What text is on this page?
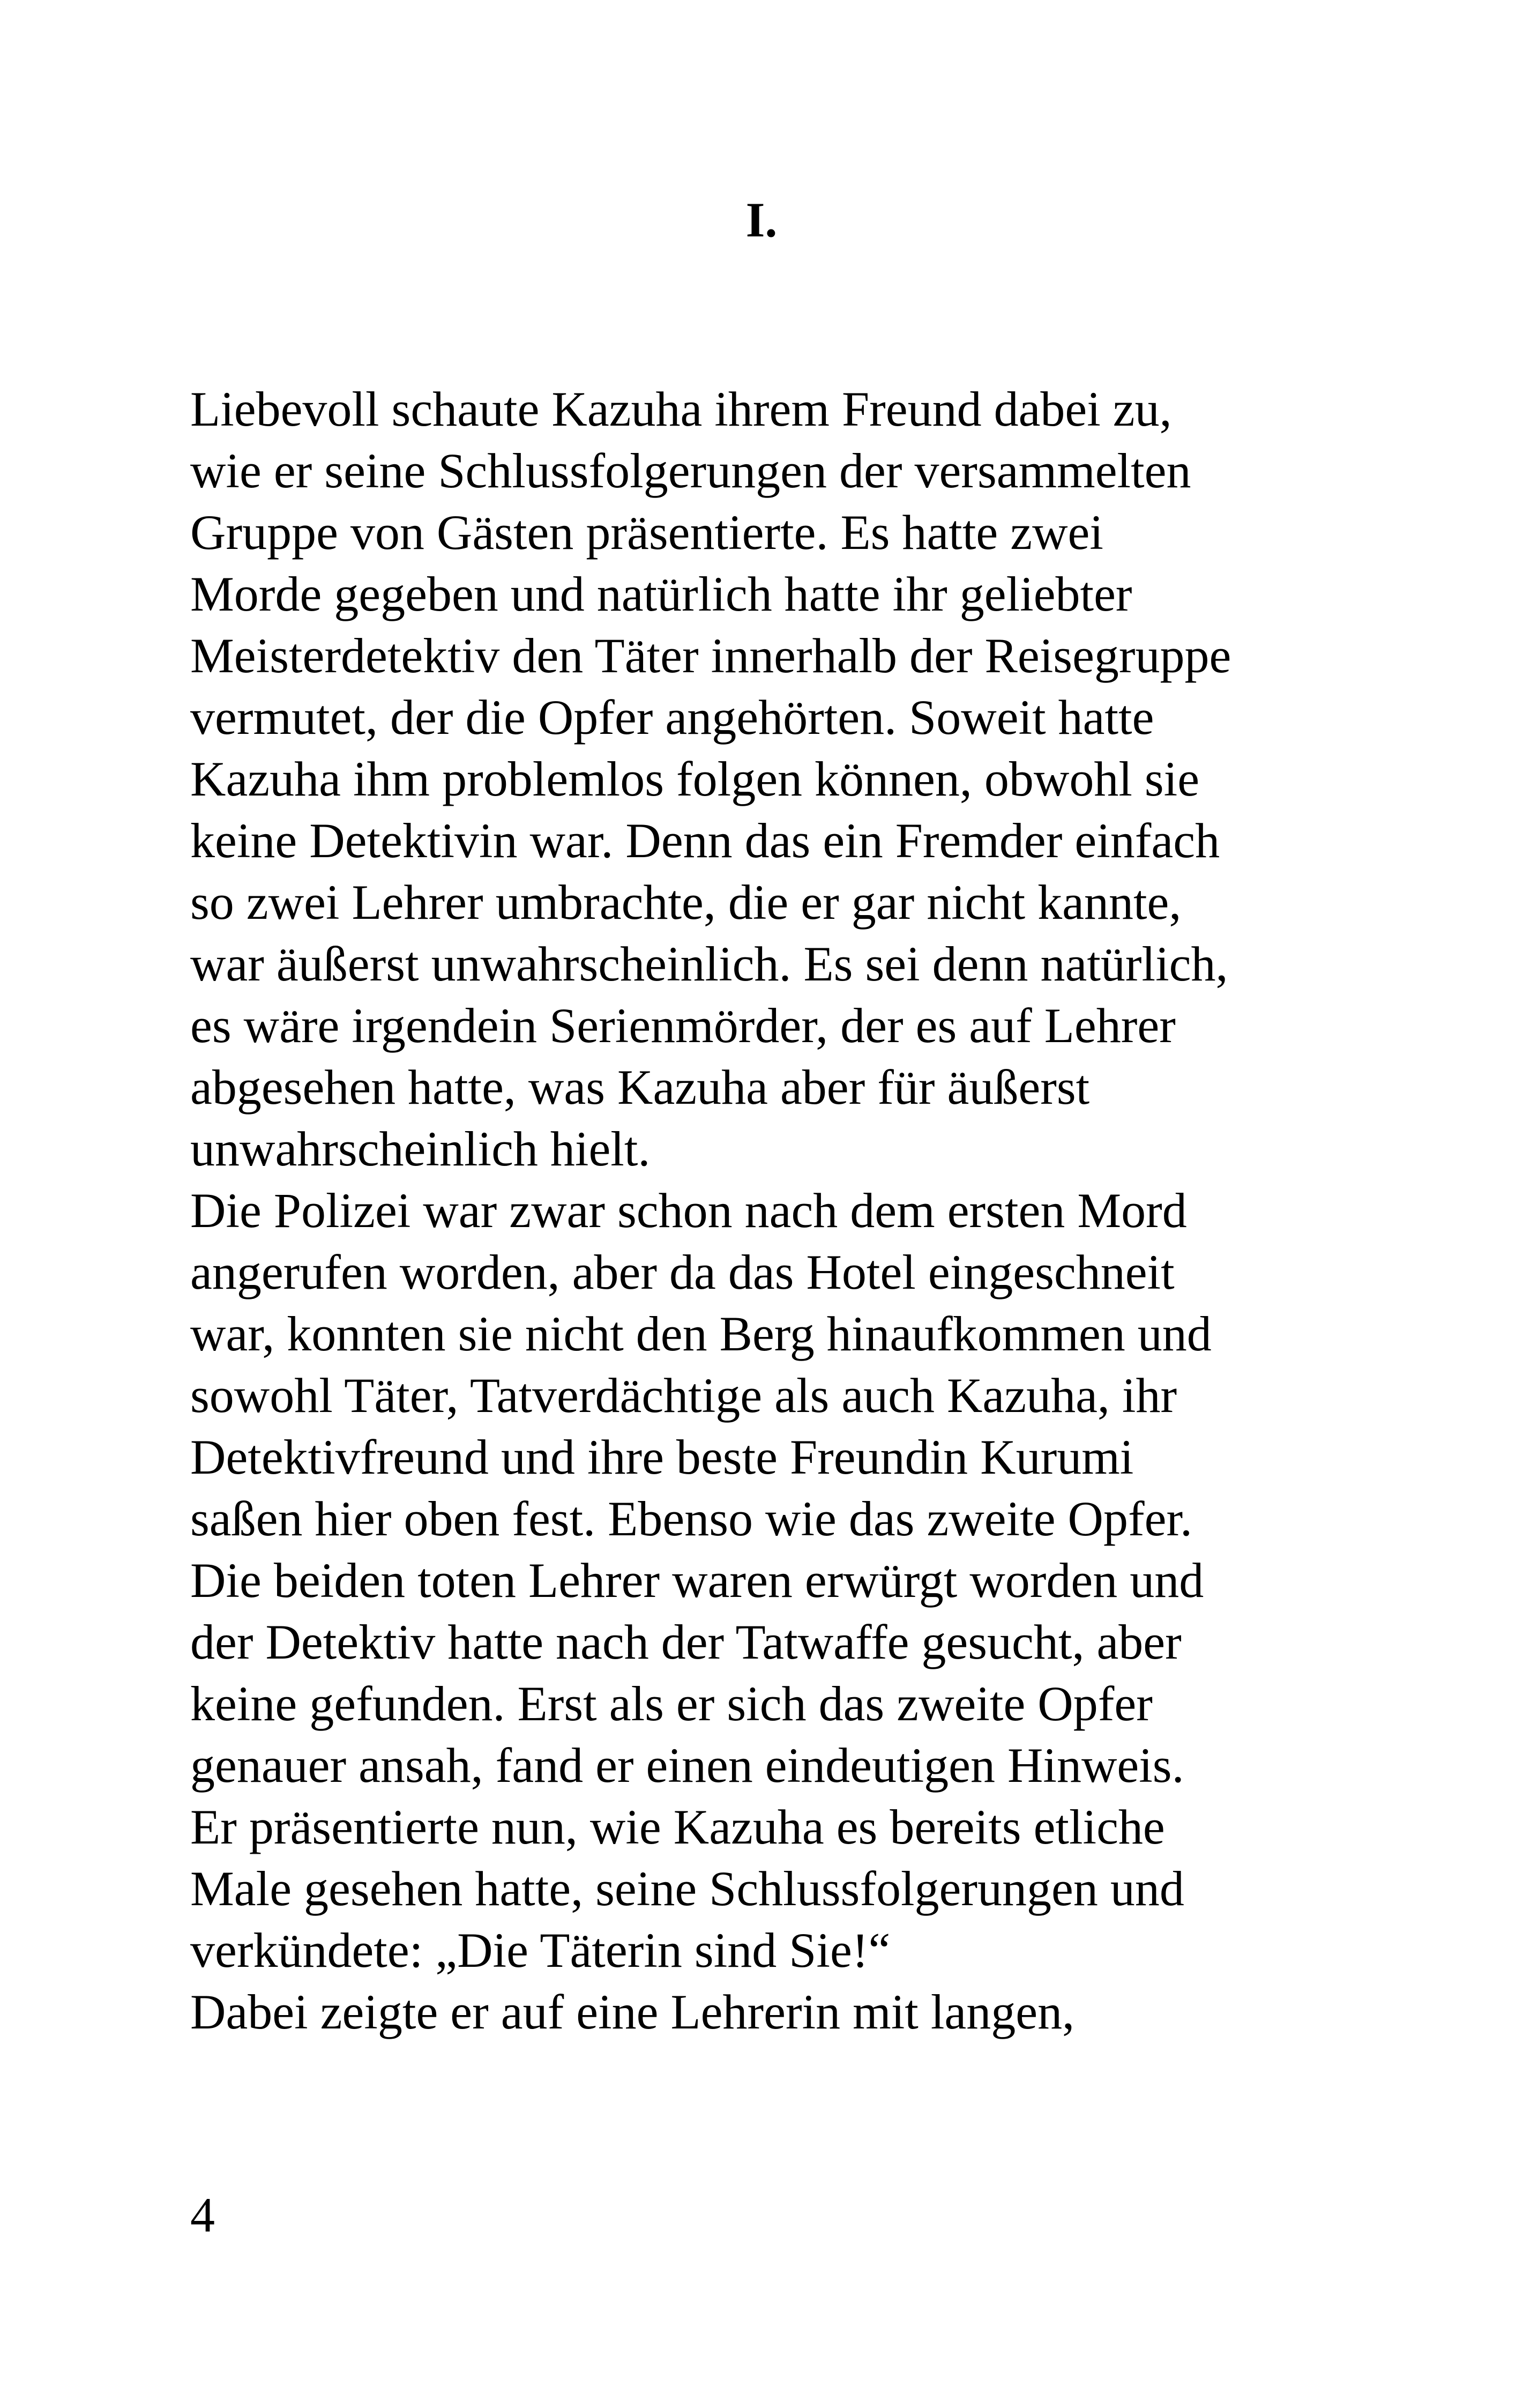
I.
Liebevoll schaute Kazuha ihrem Freund dabei zu,
wie er seine Schlussfolgerungen der versammelten
Gruppe von Gästen präsentierte. Es hatte zwei
Morde gegeben und natürlich hatte ihr geliebter
Meisterdetektiv den Täter innerhalb der Reisegruppe
vermutet, der die Opfer angehörten. Soweit hatte
Kazuha ihm problemlos folgen können, obwohl sie
keine Detektivin war. Denn das ein Fremder einfach
so zwei Lehrer umbrachte, die er gar nicht kannte,
war äußerst unwahrscheinlich. Es sei denn natürlich,
es wäre irgendein Serienmörder, der es auf Lehrer
abgesehen hatte, was Kazuha aber für äußerst
unwahrscheinlich hielt.
Die Polizei war zwar schon nach dem ersten Mord
angerufen worden, aber da das Hotel eingeschneit
war, konnten sie nicht den Berg hinaufkommen und
sowohl Täter, Tatverdächtige als auch Kazuha, ihr
Detektivfreund und ihre beste Freundin Kurumi
saßen hier oben fest. Ebenso wie das zweite Opfer.
Die beiden toten Lehrer waren erwürgt worden und
der Detektiv hatte nach der Tatwaffe gesucht, aber
keine gefunden. Erst als er sich das zweite Opfer
genauer ansah, fand er einen eindeutigen Hinweis.
Er präsentierte nun, wie Kazuha es bereits etliche
Male gesehen hatte, seine Schlussfolgerungen und
verkündete: „Die Täterin sind Sie!“
Dabei zeigte er auf eine Lehrerin mit langen,
4
